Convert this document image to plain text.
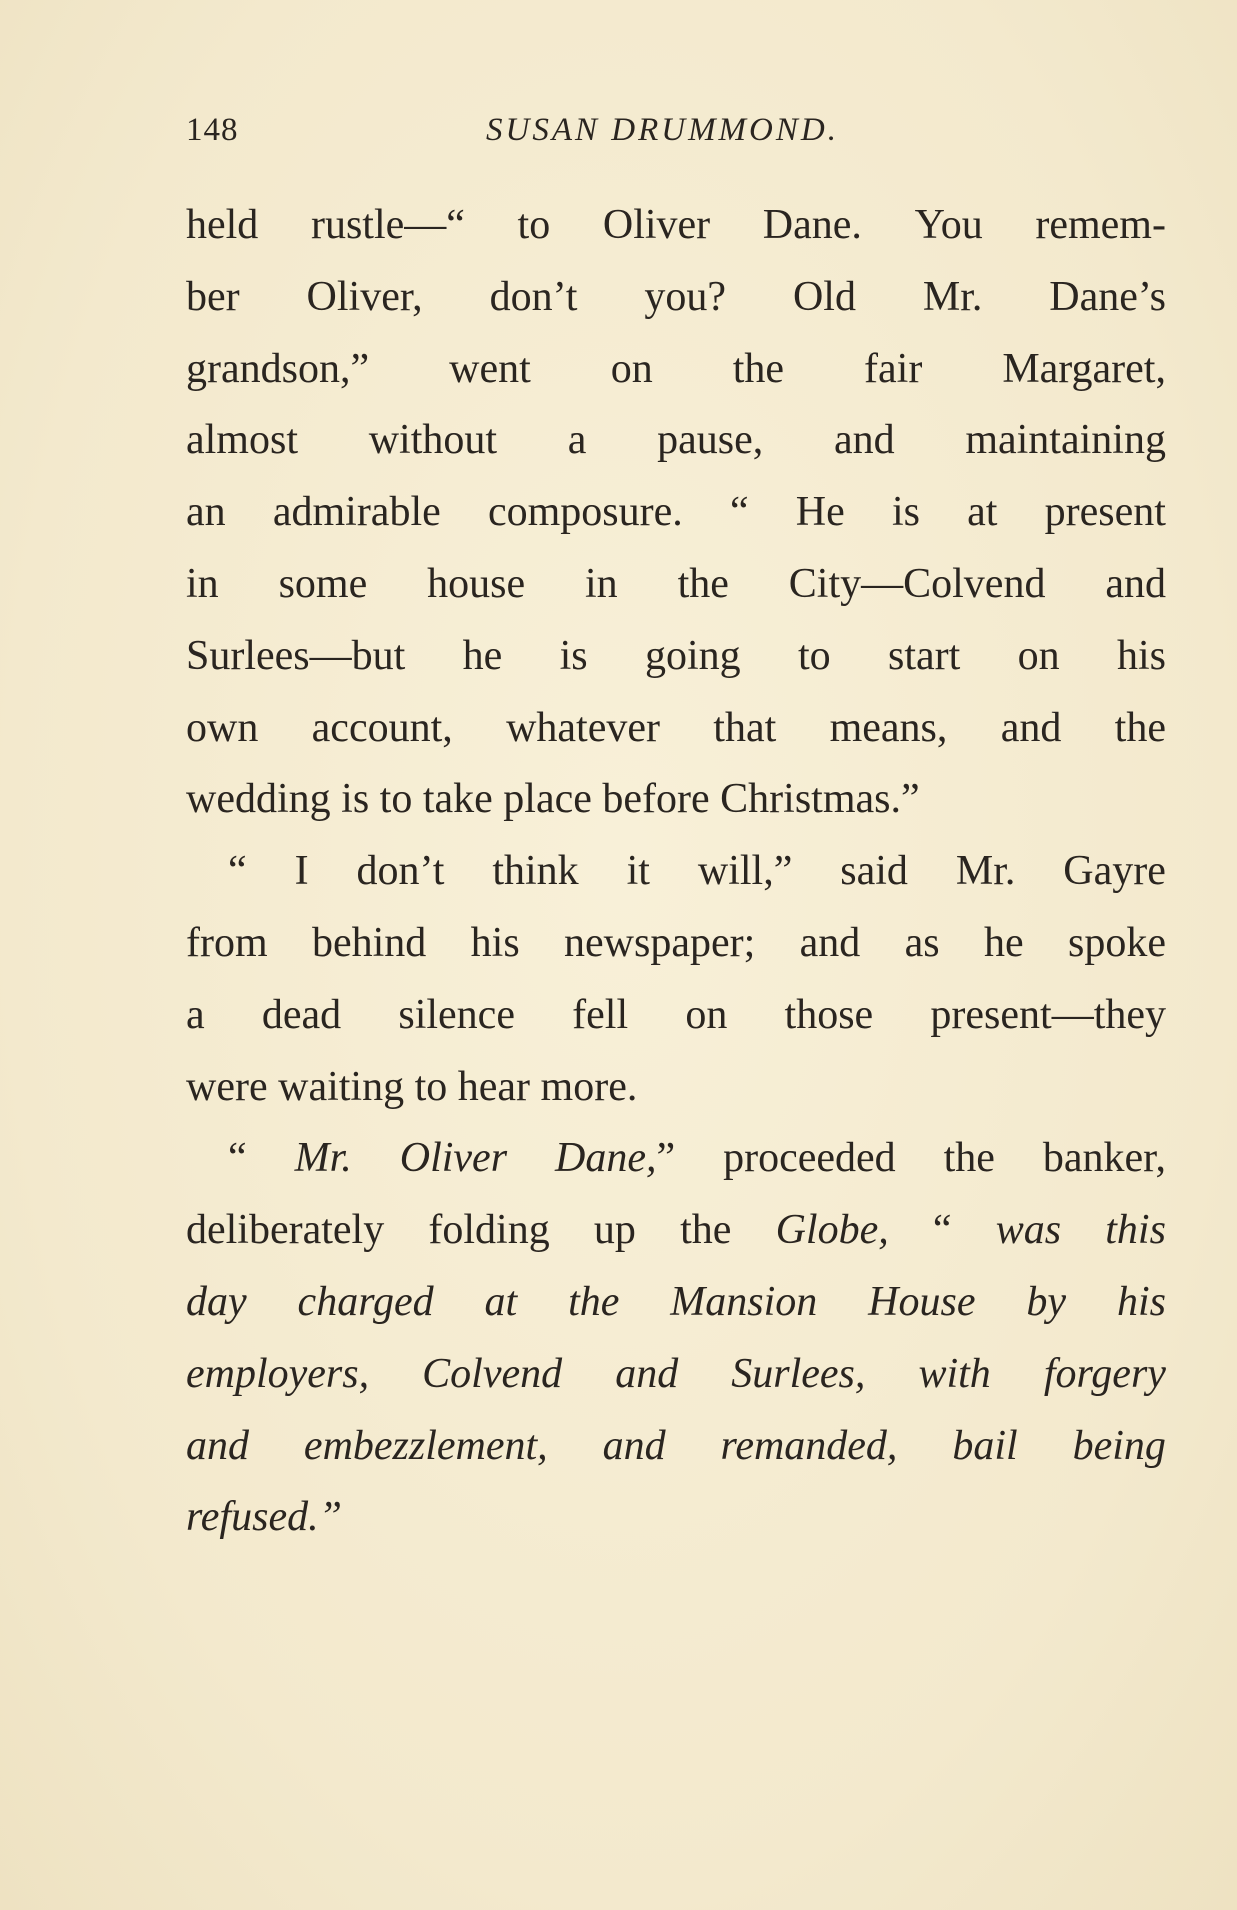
148	SUSAN DRUMMOND.
held rustle—“ to Oliver Dane. You remem-
ber Oliver, don’t you? Old Mr. Dane’s
grandson,” went on the fair Margaret,
almost without a pause, and maintaining
an admirable composure. “ He is at present
in some house in the City—Colvend and
Surlees—but he is going to start on his
own account, whatever that means, and the
wedding
is
to
take
place
before
Christmas.”
“ I don’t think it will,” said Mr. Gayre
from behind his newspaper; and as he spoke
a dead silence fell on those present—they
were
waiting
to
hear
more.
“ Mr. Oliver Dane,” proceeded the banker,
deliberately folding up the Globe, “ was this
day charged at the Mansion House by his
employers, Colvend and Surlees, with forgery
and embezzlement, and remanded, bail being
refused.”
